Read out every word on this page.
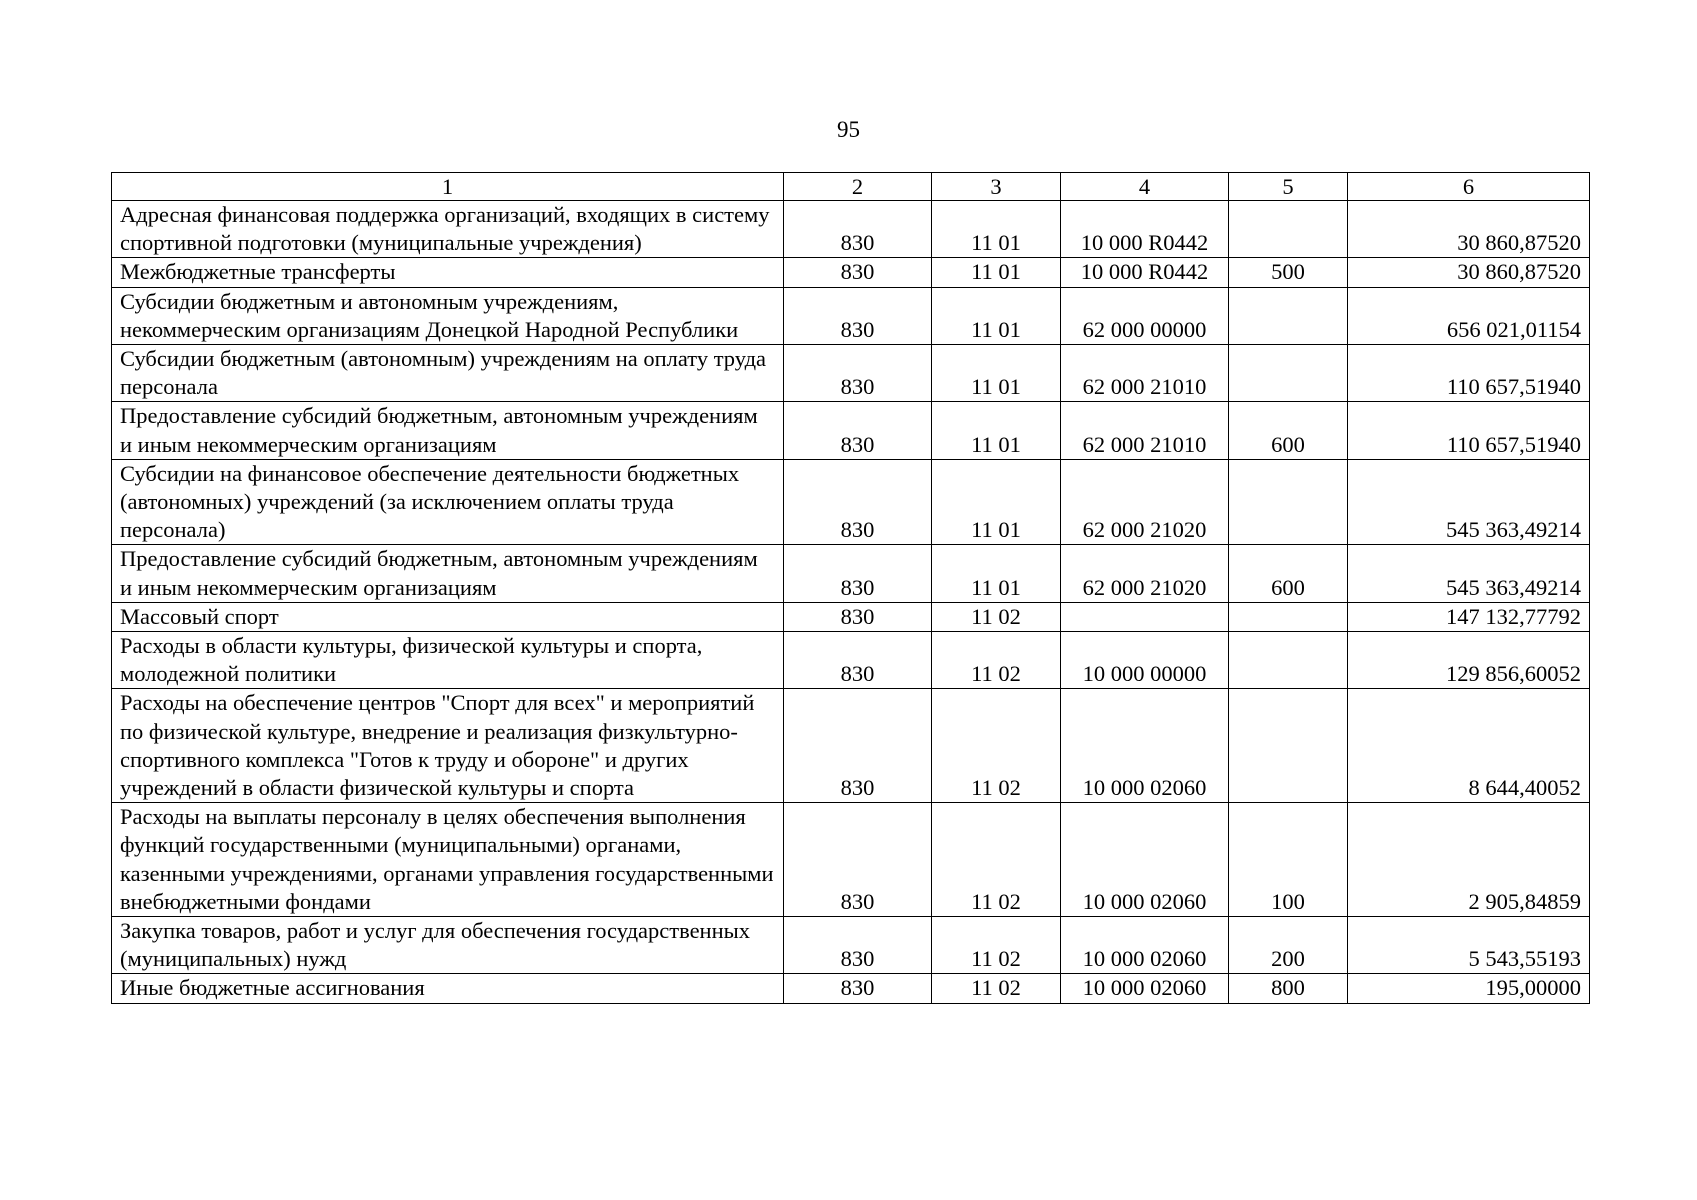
95
1	2	3	4	5	6
Адресная финансовая поддержка организаций, входящих в систему спортивной подготовки (муниципальные учреждения)	830	11 01	10 000 R0442		30 860,87520
Межбюджетные трансферты	830	11 01	10 000 R0442	500	30 860,87520
Субсидии бюджетным и автономным учреждениям, некоммерческим организациям Донецкой Народной Республики	830	11 01	62 000 00000		656 021,01154
Субсидии бюджетным (автономным) учреждениям на оплату труда персонала	830	11 01	62 000 21010		110 657,51940
Предоставление субсидий бюджетным, автономным учреждениям и иным некоммерческим организациям	830	11 01	62 000 21010	600	110 657,51940
Субсидии на финансовое обеспечение деятельности бюджетных (автономных) учреждений (за исключением оплаты труда персонала)	830	11 01	62 000 21020		545 363,49214
Предоставление субсидий бюджетным, автономным учреждениям и иным некоммерческим организациям	830	11 01	62 000 21020	600	545 363,49214
Массовый спорт	830	11 02			147 132,77792
Расходы в области культуры, физической культуры и спорта, молодежной политики	830	11 02	10 000 00000		129 856,60052
Расходы на обеспечение центров "Спорт для всех" и мероприятий по физической культуре, внедрение и реализация физкультурно-спортивного комплекса "Готов к труду и обороне" и других учреждений в области физической культуры и спорта	830	11 02	10 000 02060		8 644,40052
Расходы на выплаты персоналу в целях обеспечения выполнения функций государственными (муниципальными) органами, казенными учреждениями, органами управления государственными внебюджетными фондами	830	11 02	10 000 02060	100	2 905,84859
Закупка товаров, работ и услуг для обеспечения государственных (муниципальных) нужд	830	11 02	10 000 02060	200	5 543,55193
Иные бюджетные ассигнования	830	11 02	10 000 02060	800	195,00000
